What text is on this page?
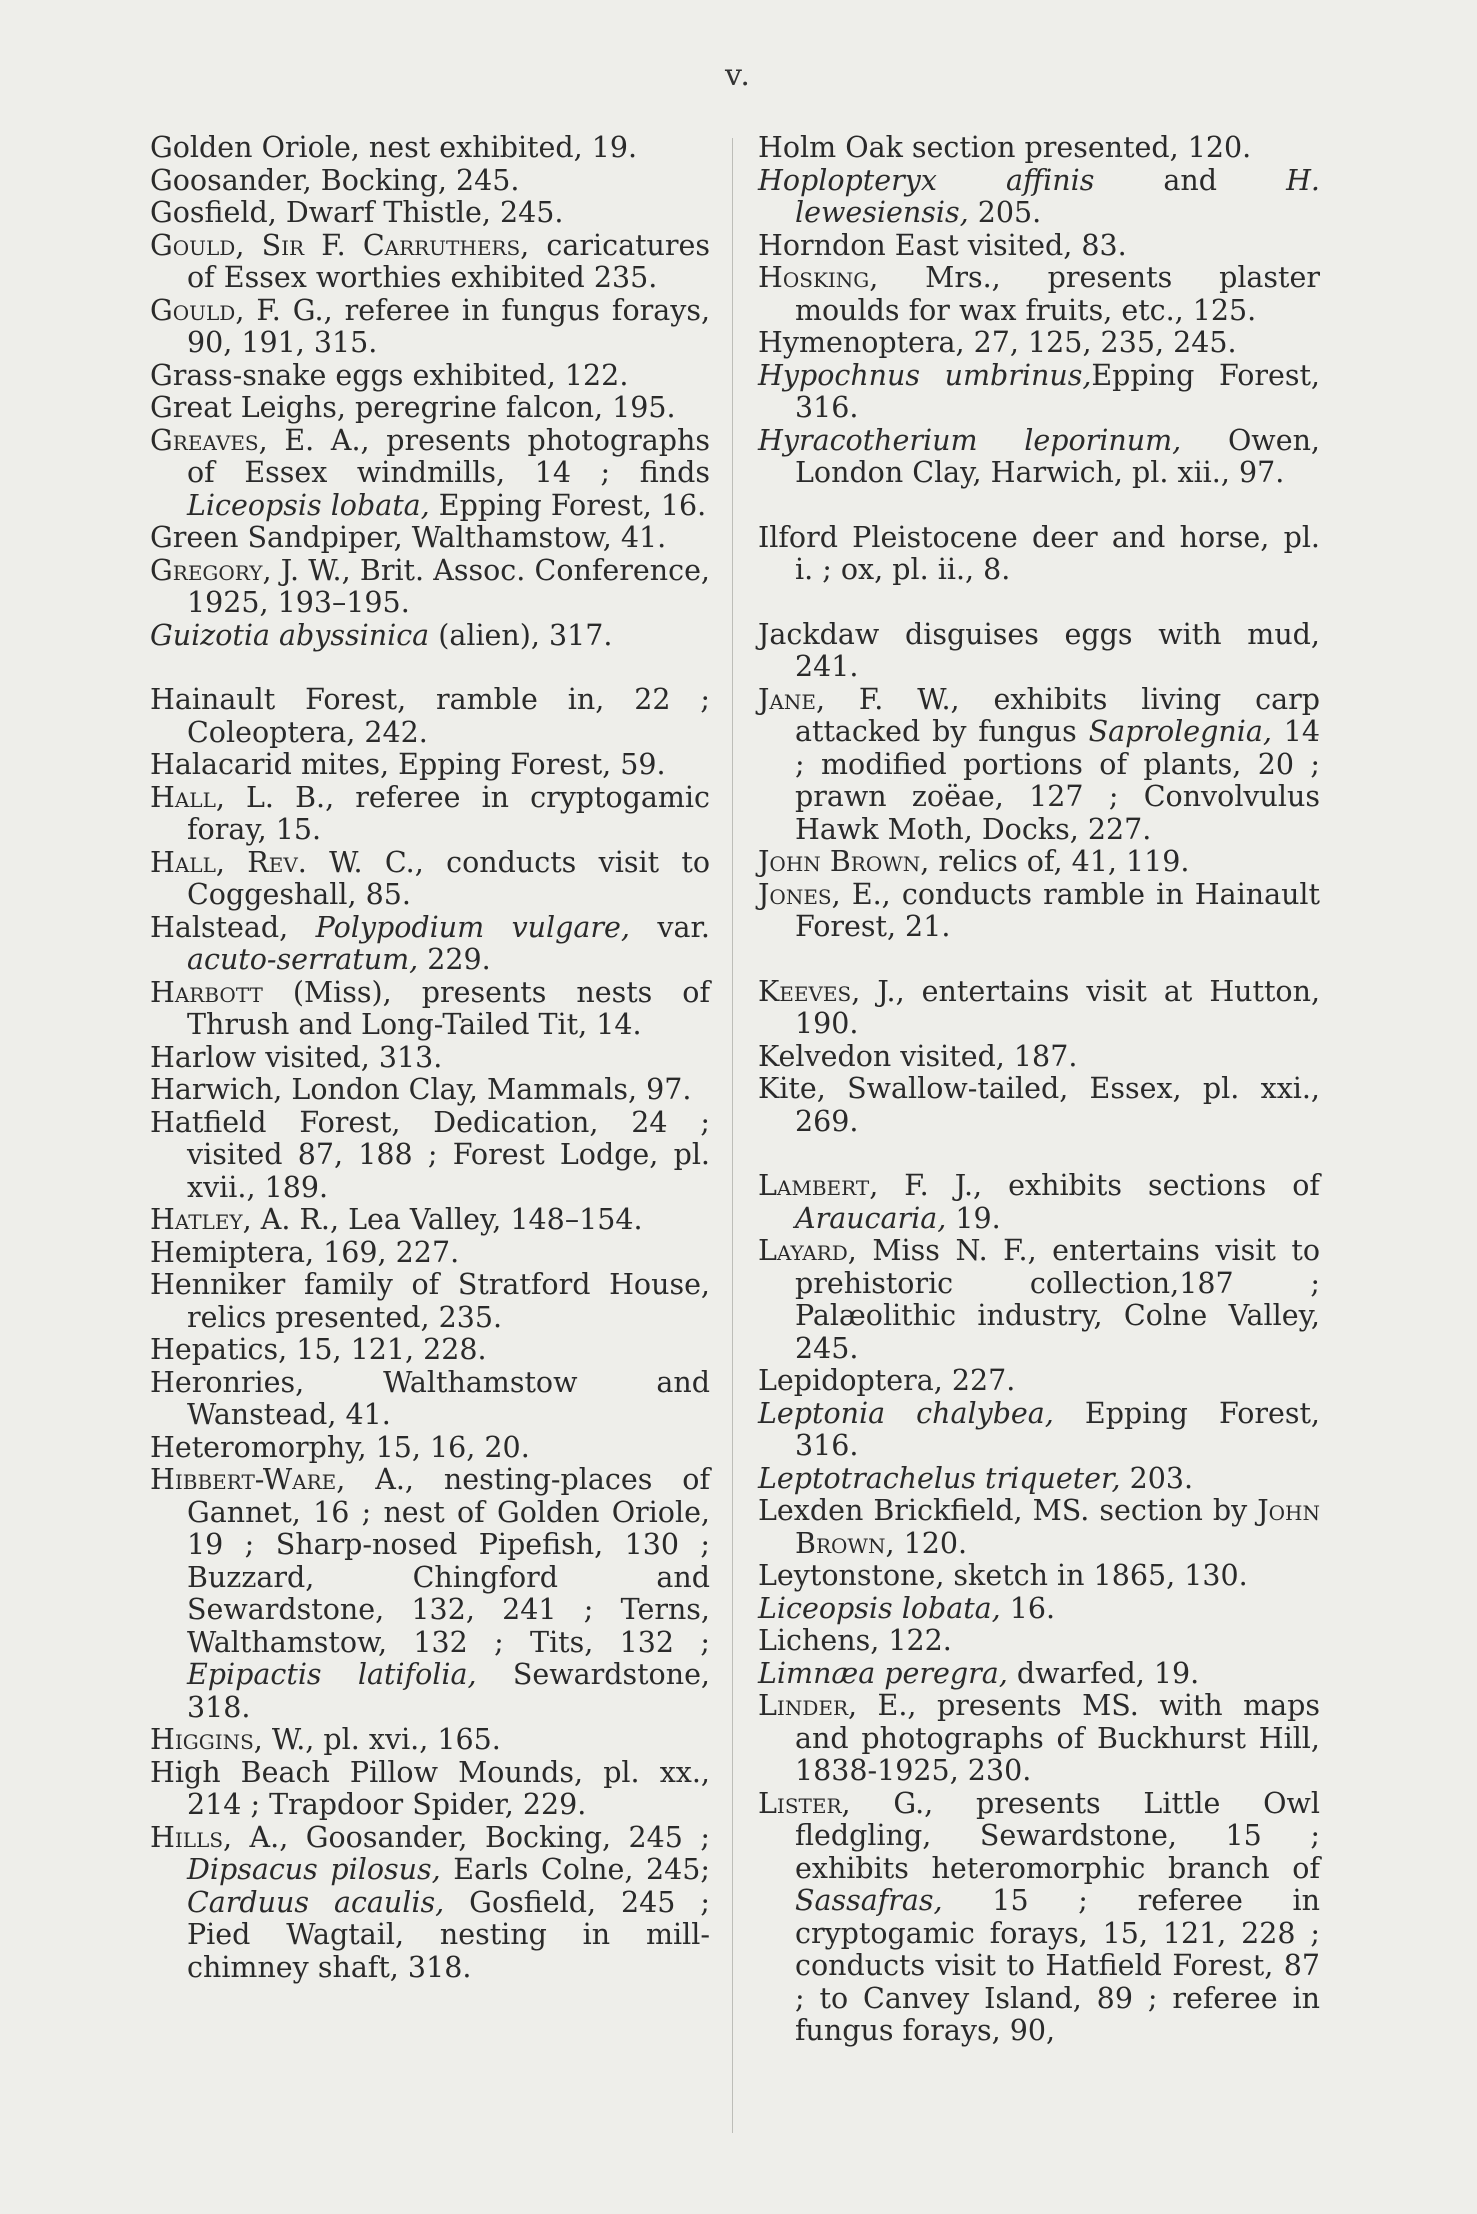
v.

Golden Oriole, nest exhibited, 19.

Goosander, Bocking, 245.

Gosfield, Dwarf Thistle, 245.

Gould, Sir F. Carruthers, caricatures of Essex worthies exhibited 235.

Gould, F. G., referee in fungus forays, 90, 191, 315.

Grass-snake eggs exhibited, 122.

Great Leighs, peregrine falcon, 195.

Greaves, E. A., presents photographs of Essex windmills, 14 ; finds Liceopsis lobata, Epping Forest, 16.

Green Sandpiper, Walthamstow, 41.

Gregory, J. W., Brit. Assoc. Conference, 1925, 193–195.

Guizotia abyssinica (alien), 317.

Hainault Forest, ramble in, 22 ; Coleoptera, 242.

Halacarid mites, Epping Forest, 59.

Hall, L. B., referee in cryptogamic foray, 15.

Hall, Rev. W. C., conducts visit to Coggeshall, 85.

Halstead, Polypodium vulgare, var. acuto-serratum, 229.

Harbott (Miss), presents nests of Thrush and Long-Tailed Tit, 14.

Harlow visited, 313.

Harwich, London Clay, Mammals, 97.

Hatfield Forest, Dedication, 24 ; visited 87, 188 ; Forest Lodge, pl. xvii., 189.

Hatley, A. R., Lea Valley, 148–154.

Hemiptera, 169, 227.

Henniker family of Stratford House, relics presented, 235.

Hepatics, 15, 121, 228.

Heronries, Walthamstow and Wanstead, 41.

Heteromorphy, 15, 16, 20.

Hibbert-Ware, A., nesting-places of Gannet, 16 ; nest of Golden Oriole, 19 ; Sharp-nosed Pipefish, 130 ; Buzzard, Chingford and Sewardstone, 132, 241 ; Terns, Walthamstow, 132 ; Tits, 132 ; Epipactis latifolia, Sewardstone, 318.

Higgins, W., pl. xvi., 165.

High Beach Pillow Mounds, pl. xx., 214 ; Trapdoor Spider, 229.

Hills, A., Goosander, Bocking, 245 ; Dipsacus pilosus, Earls Colne, 245; Carduus acaulis, Gosfield, 245 ; Pied Wagtail, nesting in mill-chimney shaft, 318.

Holm Oak section presented, 120.

Hoplopteryx affinis and H. lewesiensis, 205.

Horndon East visited, 83.

Hosking, Mrs., presents plaster moulds for wax fruits, etc., 125.

Hymenoptera, 27, 125, 235, 245.

Hypochnus umbrinus,Epping Forest, 316.

Hyracotherium leporinum, Owen, London Clay, Harwich, pl. xii., 97.

Ilford Pleistocene deer and horse, pl. i. ; ox, pl. ii., 8.

Jackdaw disguises eggs with mud, 241.

Jane, F. W., exhibits living carp attacked by fungus Saprolegnia, 14 ; modified portions of plants, 20 ; prawn zoëae, 127 ; Convolvulus Hawk Moth, Docks, 227.

John Brown, relics of, 41, 119.

Jones, E., conducts ramble in Hainault Forest, 21.

Keeves, J., entertains visit at Hutton, 190.

Kelvedon visited, 187.

Kite, Swallow-tailed, Essex, pl. xxi., 269.

Lambert, F. J., exhibits sections of Araucaria, 19.

Layard, Miss N. F., entertains visit to prehistoric collection,187 ; Palæolithic industry, Colne Valley, 245.

Lepidoptera, 227.

Leptonia chalybea, Epping Forest, 316.

Leptotrachelus triqueter, 203.

Lexden Brickfield, MS. section by John Brown, 120.

Leytonstone, sketch in 1865, 130.

Liceopsis lobata, 16.

Lichens, 122.

Limnæa peregra, dwarfed, 19.

Linder, E., presents MS. with maps and photographs of Buckhurst Hill, 1838-1925, 230.

Lister, G., presents Little Owl fledgling, Sewardstone, 15 ; exhibits heteromorphic branch of Sassafras, 15 ; referee in cryptogamic forays, 15, 121, 228 ; conducts visit to Hatfield Forest, 87 ; to Canvey Island, 89 ; referee in fungus forays, 90,
